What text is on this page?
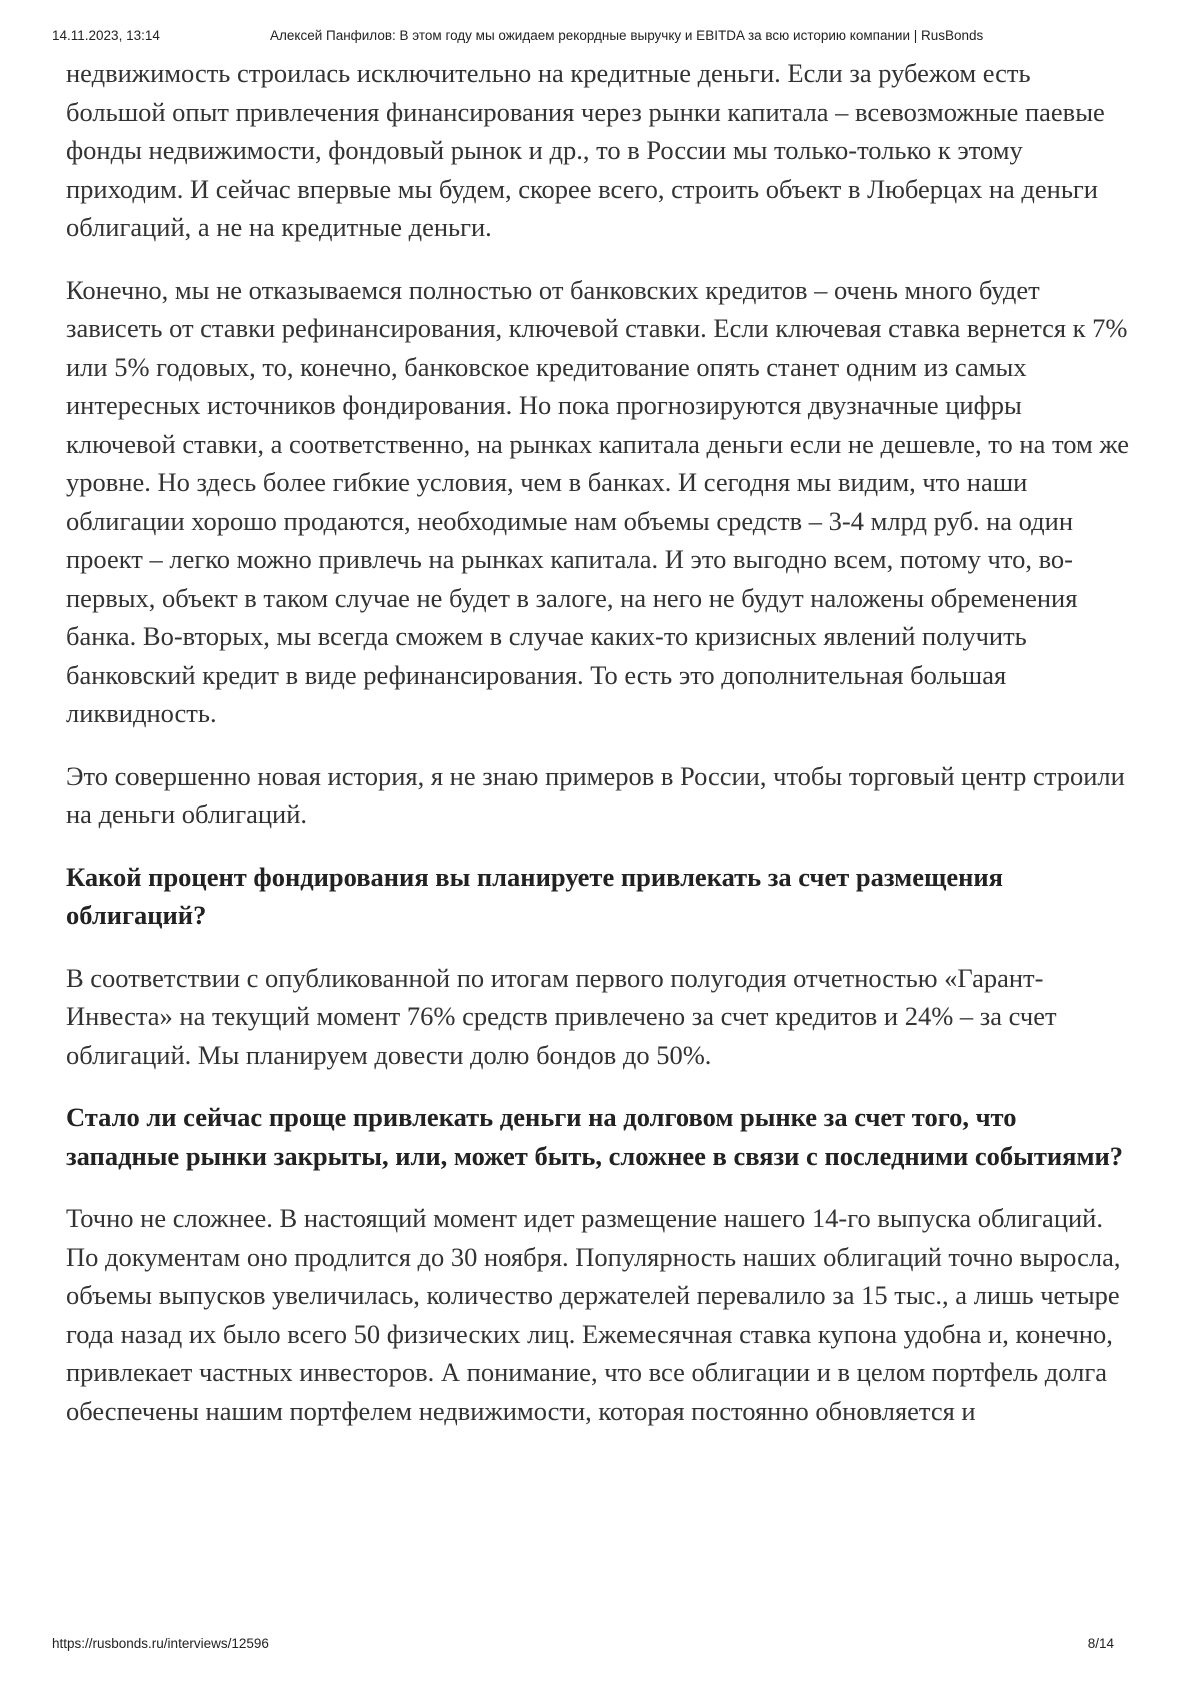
14.11.2023, 13:14	Алексей Панфилов: В этом году мы ожидаем рекордные выручку и EBITDA за всю историю компании | RusBonds

недвижимость строилась исключительно на кредитные деньги. Если за рубежом есть большой опыт привлечения финансирования через рынки капитала – всевозможные паевые фонды недвижимости, фондовый рынок и др., то в России мы только-только к этому приходим. И сейчас впервые мы будем, скорее всего, строить объект в Люберцах на деньги облигаций, а не на кредитные деньги.

Конечно, мы не отказываемся полностью от банковских кредитов – очень много будет зависеть от ставки рефинансирования, ключевой ставки. Если ключевая ставка вернется к 7% или 5% годовых, то, конечно, банковское кредитование опять станет одним из самых интересных источников фондирования. Но пока прогнозируются двузначные цифры ключевой ставки, а соответственно, на рынках капитала деньги если не дешевле, то на том же уровне. Но здесь более гибкие условия, чем в банках. И сегодня мы видим, что наши облигации хорошо продаются, необходимые нам объемы средств – 3-4 млрд руб. на один проект – легко можно привлечь на рынках капитала. И это выгодно всем, потому что, во-первых, объект в таком случае не будет в залоге, на него не будут наложены обременения банка. Во-вторых, мы всегда сможем в случае каких-то кризисных явлений получить банковский кредит в виде рефинансирования. То есть это дополнительная большая ликвидность.

Это совершенно новая история, я не знаю примеров в России, чтобы торговый центр строили на деньги облигаций.

Какой процент фондирования вы планируете привлекать за счет размещения облигаций?

В соответствии с опубликованной по итогам первого полугодия отчетностью «Гарант-Инвеста» на текущий момент 76% средств привлечено за счет кредитов и 24% – за счет облигаций. Мы планируем довести долю бондов до 50%.

Стало ли сейчас проще привлекать деньги на долговом рынке за счет того, что западные рынки закрыты, или, может быть, сложнее в связи с последними событиями?

Точно не сложнее. В настоящий момент идет размещение нашего 14-го выпуска облигаций. По документам оно продлится до 30 ноября. Популярность наших облигаций точно выросла, объемы выпусков увеличилась, количество держателей перевалило за 15 тыс., а лишь четыре года назад их было всего 50 физических лиц. Ежемесячная ставка купона удобна и, конечно, привлекает частных инвесторов. А понимание, что все облигации и в целом портфель долга обеспечены нашим портфелем недвижимости, которая постоянно обновляется и

https://rusbonds.ru/interviews/12596	8/14
